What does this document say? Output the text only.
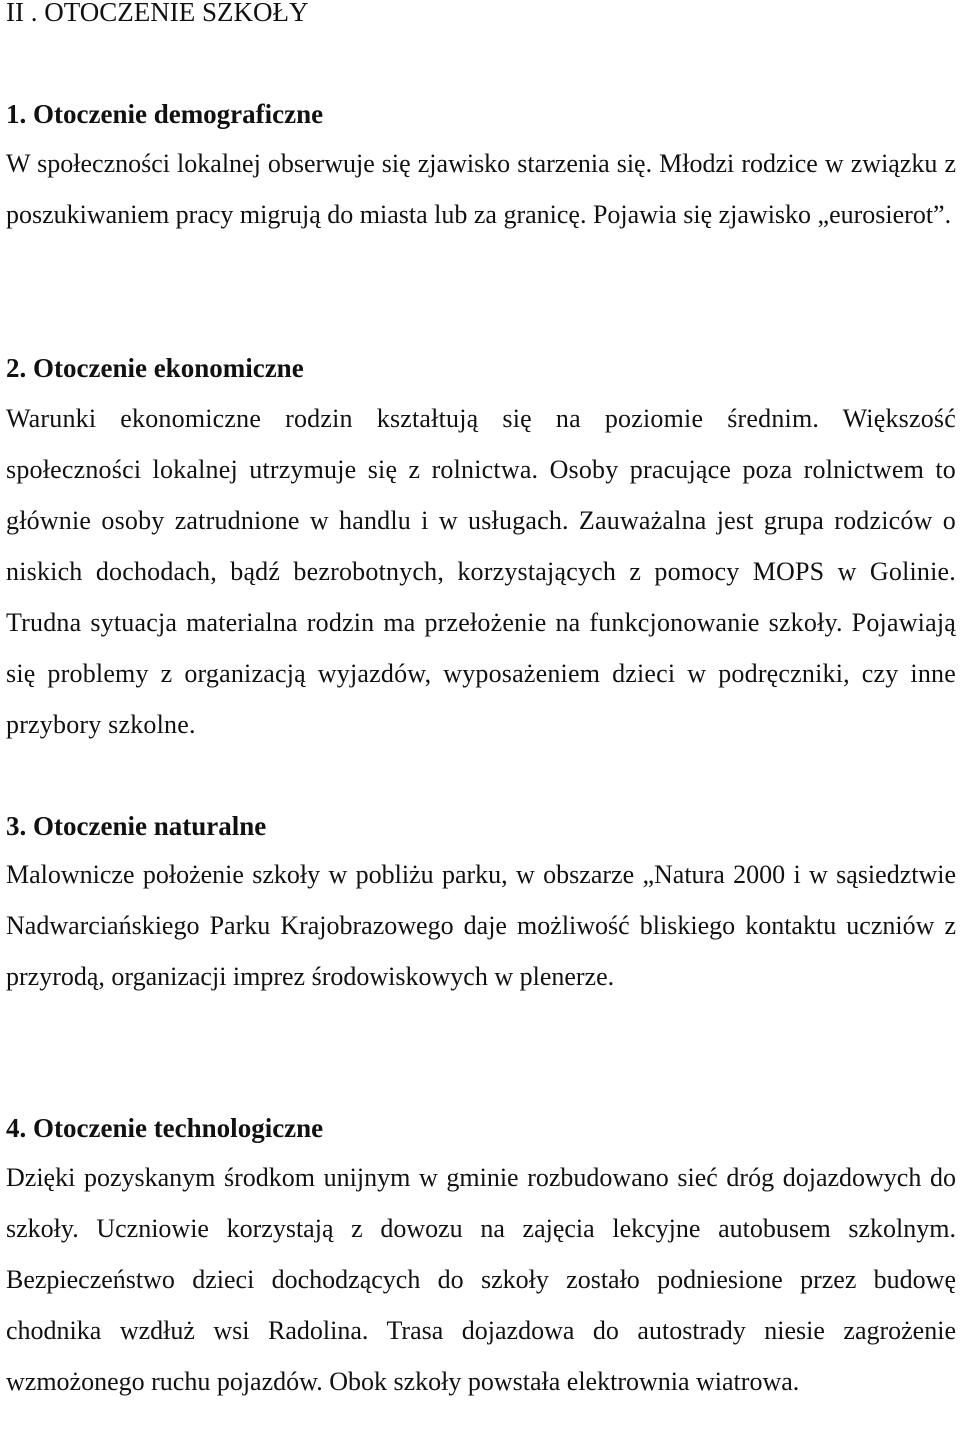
II . OTOCZENIE SZKOŁY
1. Otoczenie demograficzne

W społeczności lokalnej obserwuje się zjawisko starzenia się. Młodzi rodzice w związku z poszukiwaniem pracy migrują do miasta lub za granicę. Pojawia się zjawisko „eurosierot”.

2. Otoczenie ekonomiczne

Warunki ekonomiczne rodzin kształtują się na poziomie średnim. Większość społeczności lokalnej utrzymuje się z rolnictwa. Osoby pracujące poza rolnictwem to głównie osoby zatrudnione w handlu i w usługach. Zauważalna jest grupa rodziców o niskich dochodach, bądź bezrobotnych, korzystających z pomocy MOPS w Golinie. Trudna sytuacja materialna rodzin ma przełożenie na funkcjonowanie szkoły. Pojawiają się problemy z organizacją wyjazdów, wyposażeniem dzieci w podręczniki, czy inne przybory szkolne.

3. Otoczenie naturalne

Malownicze położenie szkoły w pobliżu parku, w obszarze „Natura 2000 i w sąsiedztwie Nadwarciańskiego Parku Krajobrazowego daje możliwość bliskiego kontaktu uczniów z przyrodą, organizacji imprez środowiskowych w plenerze.

4. Otoczenie technologiczne

Dzięki pozyskanym środkom unijnym w gminie rozbudowano sieć dróg dojazdowych do szkoły. Uczniowie korzystają z dowozu na zajęcia lekcyjne autobusem szkolnym. Bezpieczeństwo dzieci dochodzących do szkoły zostało podniesione przez budowę chodnika wzdłuż wsi Radolina. Trasa dojazdowa do autostrady niesie zagrożenie wzmożonego ruchu pojazdów. Obok szkoły powstała elektrownia wiatrowa.
